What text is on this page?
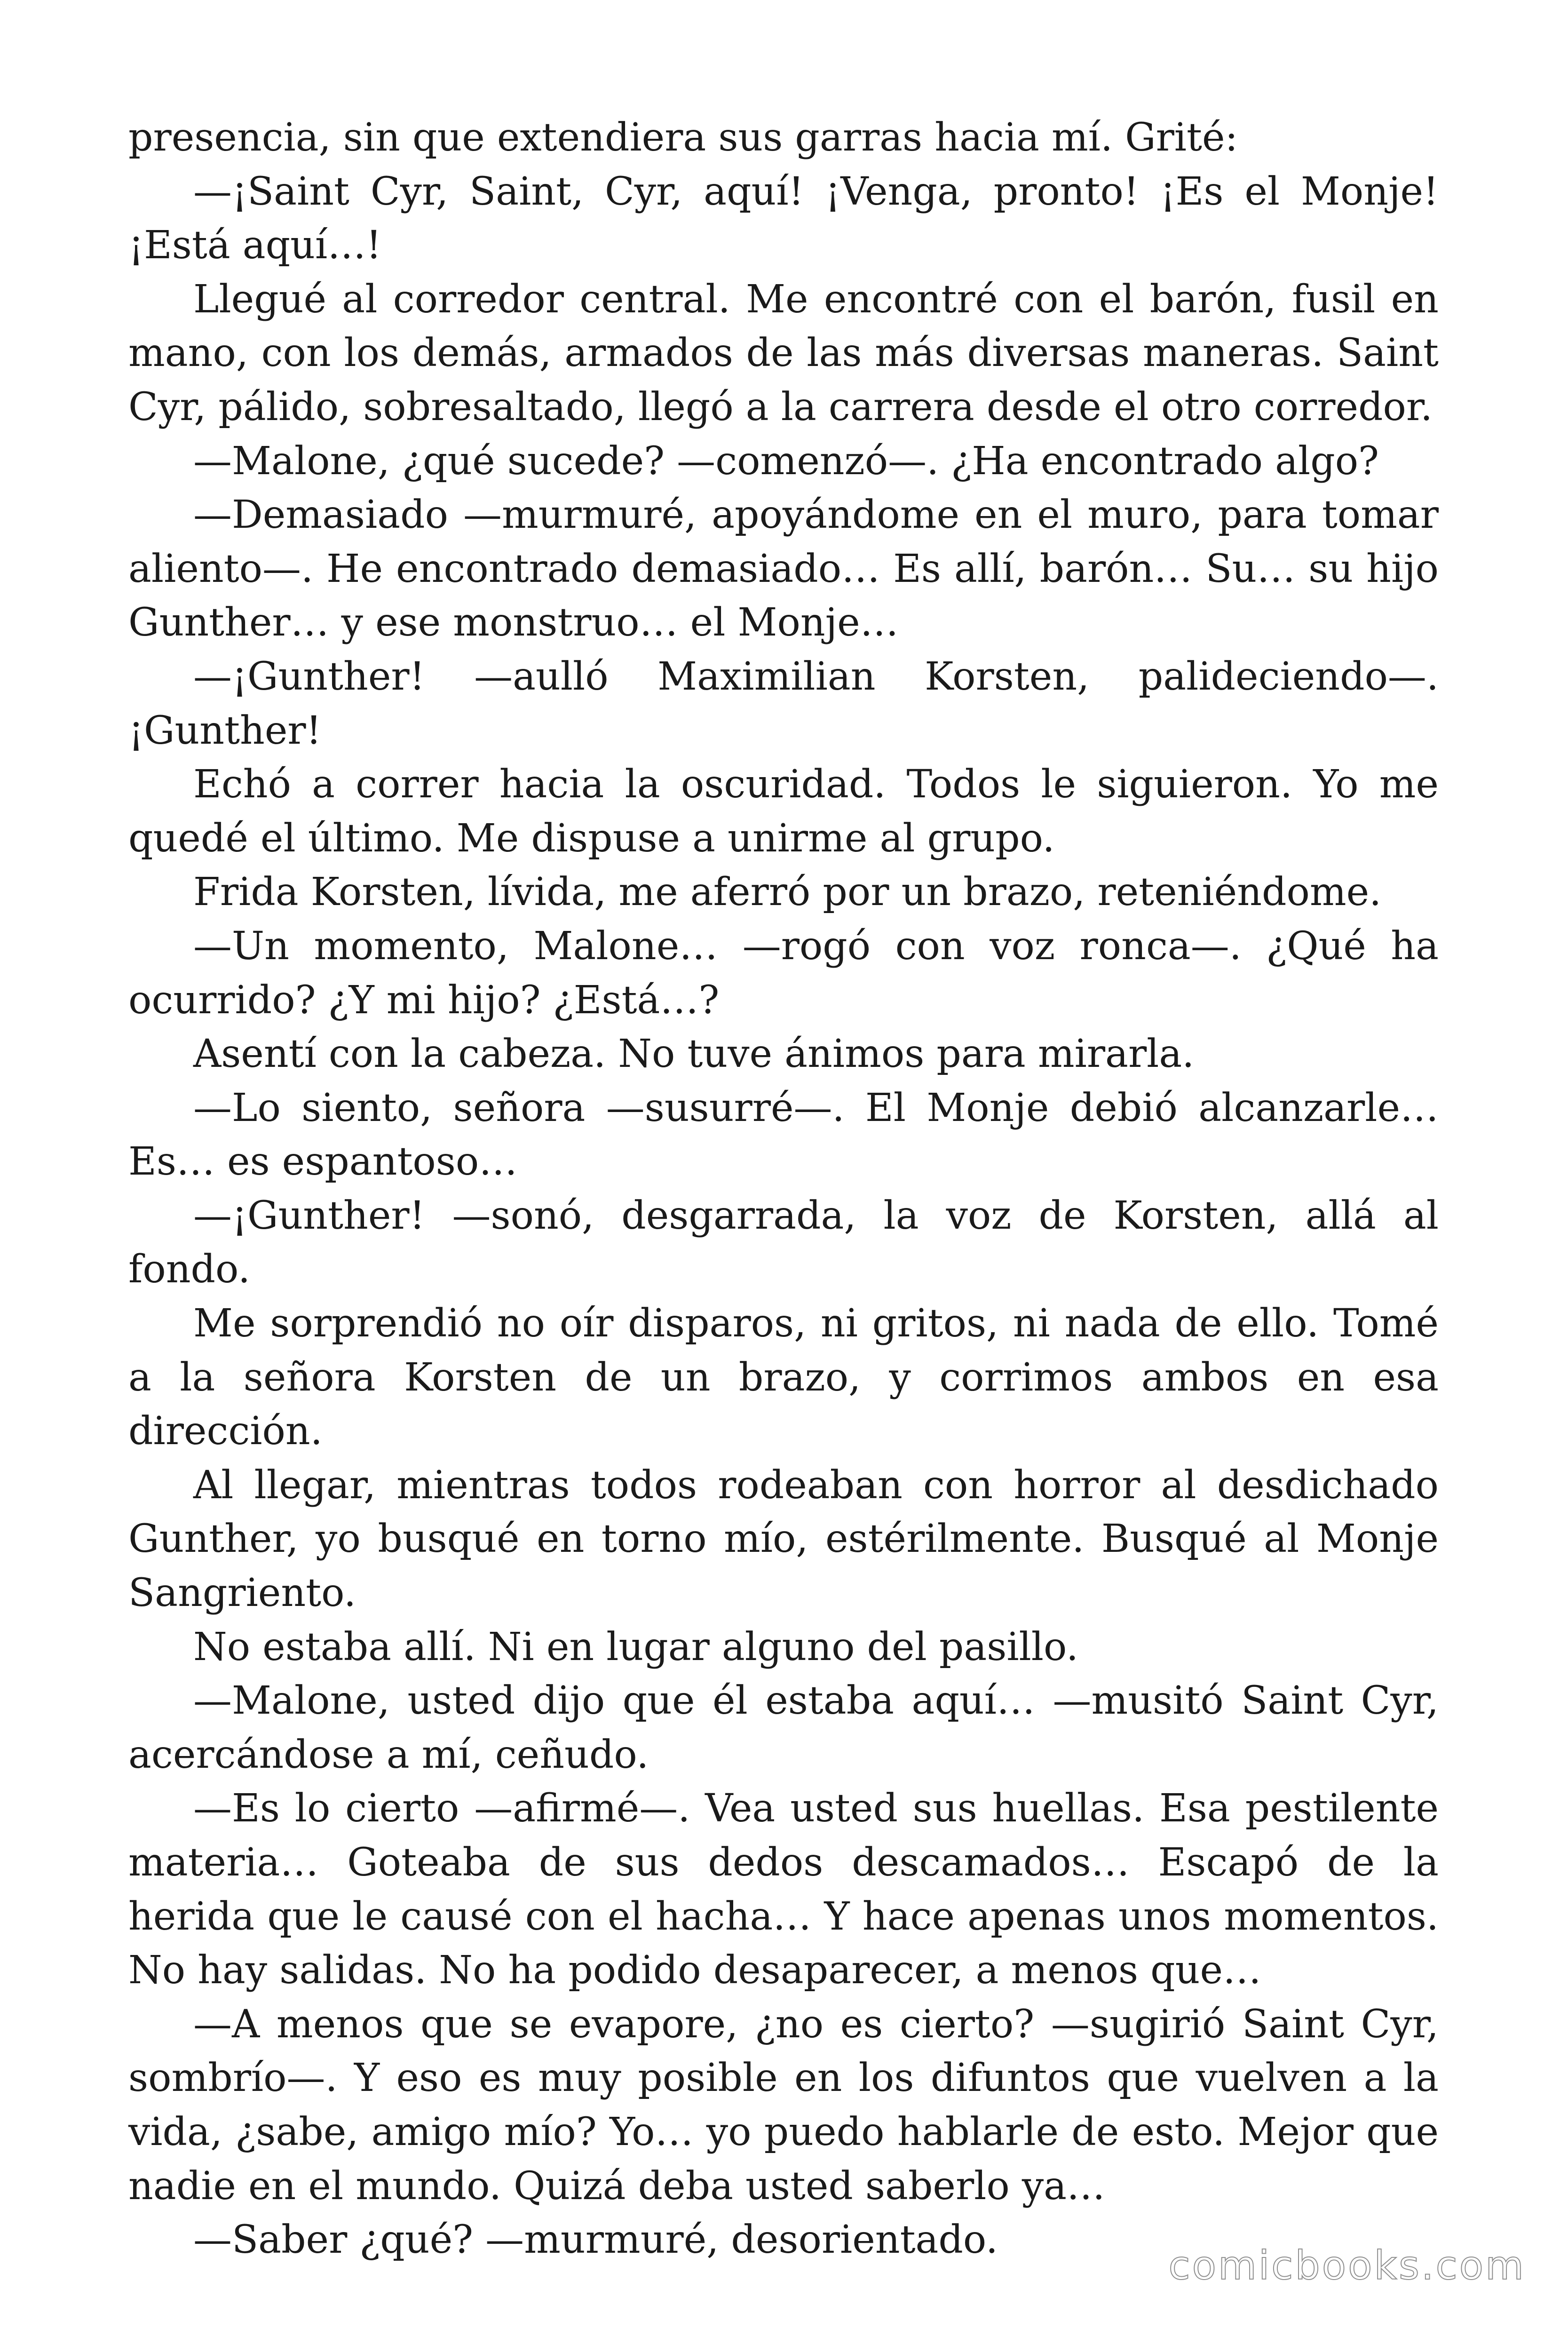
presencia, sin que extendiera sus garras hacia mí. Grité:

—¡Saint Cyr, Saint, Cyr, aquí! ¡Venga, pronto! ¡Es el Monje! ¡Está aquí…!

Llegué al corredor central. Me encontré con el barón, fusil en mano, con los demás, armados de las más diversas maneras. Saint Cyr, pálido, sobresaltado, llegó a la carrera desde el otro corredor.

—Malone, ¿qué sucede? —comenzó—. ¿Ha encontrado algo?

—Demasiado —murmuré, apoyándome en el muro, para tomar aliento—. He encontrado demasiado… Es allí, barón… Su… su hijo Gunther… y ese monstruo… el Monje…

—¡Gunther! —aulló Maximilian Korsten, palideciendo—. ¡Gunther!

Echó a correr hacia la oscuridad. Todos le siguieron. Yo me quedé el último. Me dispuse a unirme al grupo.

Frida Korsten, lívida, me aferró por un brazo, reteniéndome.

—Un momento, Malone… —rogó con voz ronca—. ¿Qué ha ocurrido? ¿Y mi hijo? ¿Está…?

Asentí con la cabeza. No tuve ánimos para mirarla.

—Lo siento, señora —susurré—. El Monje debió alcanzarle… Es… es espantoso…

—¡Gunther! —sonó, desgarrada, la voz de Korsten, allá al fondo.

Me sorprendió no oír disparos, ni gritos, ni nada de ello. Tomé a la señora Korsten de un brazo, y corrimos ambos en esa dirección.

Al llegar, mientras todos rodeaban con horror al desdichado Gunther, yo busqué en torno mío, estérilmente. Busqué al Monje Sangriento.

No estaba allí. Ni en lugar alguno del pasillo.

—Malone, usted dijo que él estaba aquí… —musitó Saint Cyr, acercándose a mí, ceñudo.

—Es lo cierto —afirmé—. Vea usted sus huellas. Esa pestilente materia… Goteaba de sus dedos descamados… Escapó de la herida que le causé con el hacha… Y hace apenas unos momentos. No hay salidas. No ha podido desaparecer, a menos que…

—A menos que se evapore, ¿no es cierto? —sugirió Saint Cyr, sombrío—. Y eso es muy posible en los difuntos que vuelven a la vida, ¿sabe, amigo mío? Yo… yo puedo hablarle de esto. Mejor que nadie en el mundo. Quizá deba usted saberlo ya…

—Saber ¿qué? —murmuré, desorientado.

comicbooks.com
